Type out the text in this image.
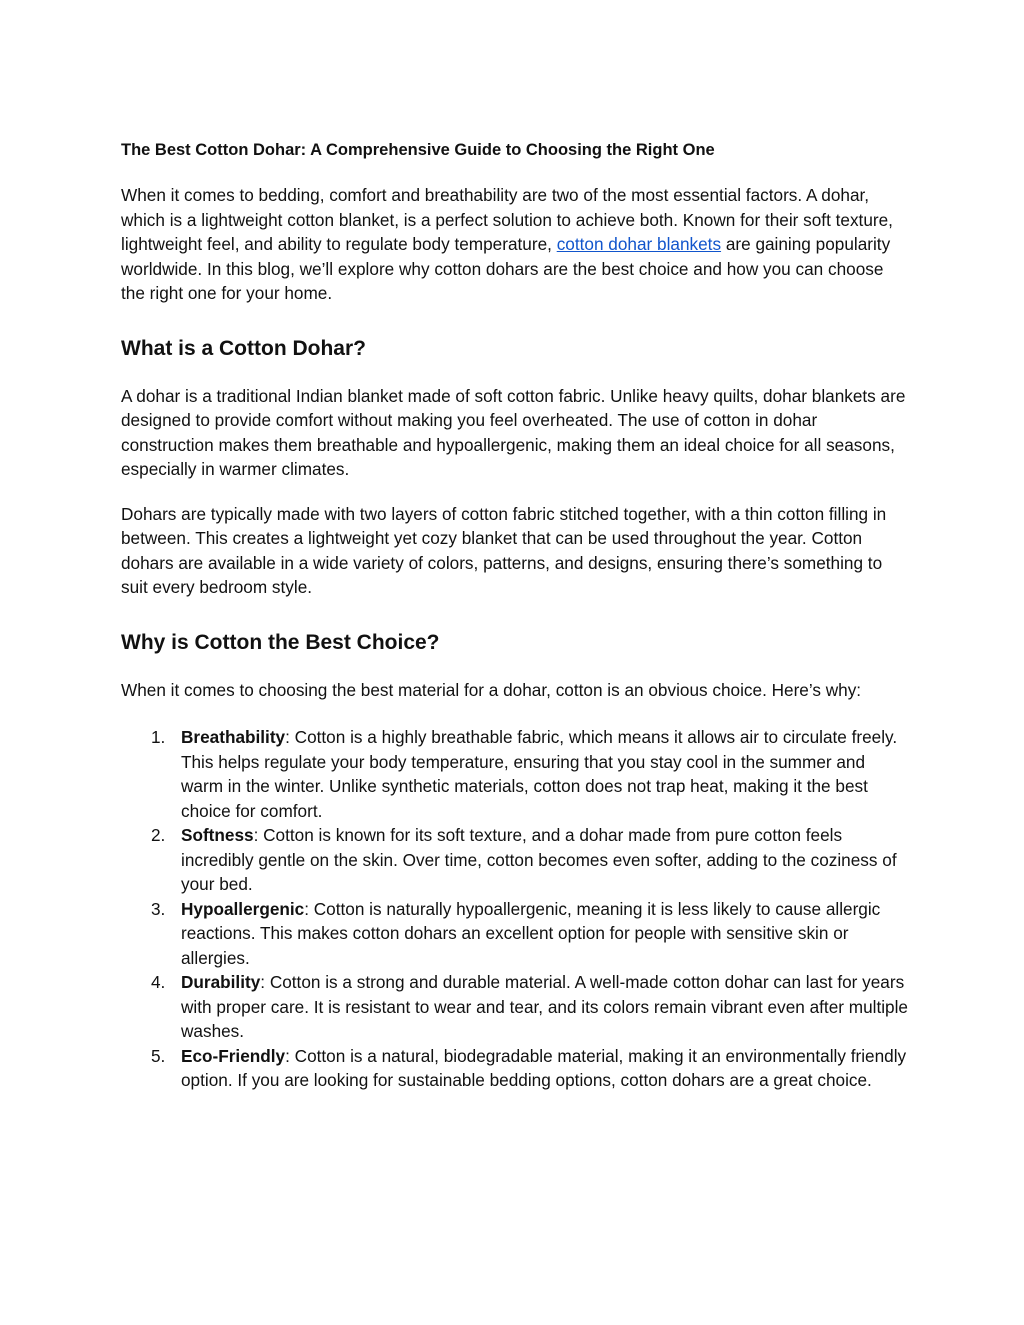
The Best Cotton Dohar: A Comprehensive Guide to Choosing the Right One

When it comes to bedding, comfort and breathability are two of the most essential factors. A dohar, which is a lightweight cotton blanket, is a perfect solution to achieve both. Known for their soft texture, lightweight feel, and ability to regulate body temperature, cotton dohar blankets are gaining popularity worldwide. In this blog, we’ll explore why cotton dohars are the best choice and how you can choose the right one for your home.

What is a Cotton Dohar?

A dohar is a traditional Indian blanket made of soft cotton fabric. Unlike heavy quilts, dohar blankets are designed to provide comfort without making you feel overheated. The use of cotton in dohar construction makes them breathable and hypoallergenic, making them an ideal choice for all seasons, especially in warmer climates.

Dohars are typically made with two layers of cotton fabric stitched together, with a thin cotton filling in between. This creates a lightweight yet cozy blanket that can be used throughout the year. Cotton dohars are available in a wide variety of colors, patterns, and designs, ensuring there’s something to suit every bedroom style.

Why is Cotton the Best Choice?

When it comes to choosing the best material for a dohar, cotton is an obvious choice. Here’s why:

1. Breathability: Cotton is a highly breathable fabric, which means it allows air to circulate freely. This helps regulate your body temperature, ensuring that you stay cool in the summer and warm in the winter. Unlike synthetic materials, cotton does not trap heat, making it the best choice for comfort.
2. Softness: Cotton is known for its soft texture, and a dohar made from pure cotton feels incredibly gentle on the skin. Over time, cotton becomes even softer, adding to the coziness of your bed.
3. Hypoallergenic: Cotton is naturally hypoallergenic, meaning it is less likely to cause allergic reactions. This makes cotton dohars an excellent option for people with sensitive skin or allergies.
4. Durability: Cotton is a strong and durable material. A well-made cotton dohar can last for years with proper care. It is resistant to wear and tear, and its colors remain vibrant even after multiple washes.
5. Eco-Friendly: Cotton is a natural, biodegradable material, making it an environmentally friendly option. If you are looking for sustainable bedding options, cotton dohars are a great choice.
